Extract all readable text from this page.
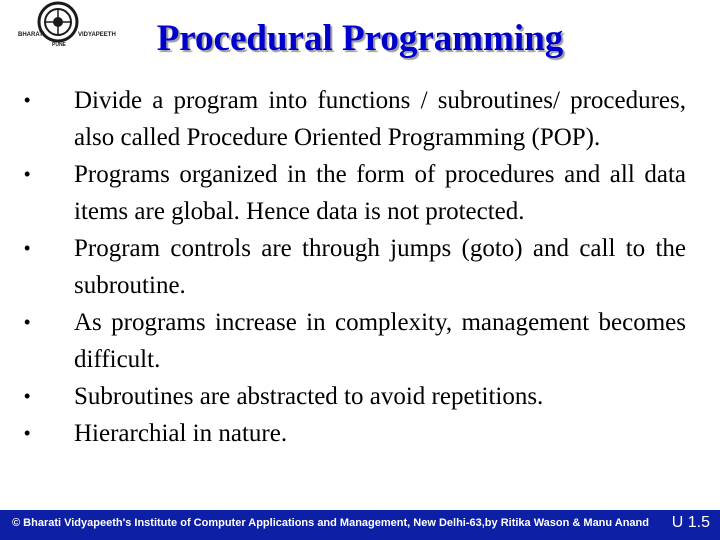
BHARATI	VIDYAPEETH
PUNE	Procedural Programming
•	Divide a program into functions / subroutines/ procedures, also called Procedure Oriented Programming (POP).
•	Programs organized in the form of procedures and all data items are global. Hence data is not protected.
•	Program controls are through jumps (goto) and call to the subroutine.
•	As programs increase in complexity, management becomes difficult.
•	Subroutines are abstracted to avoid repetitions.
•	Hierarchial in nature.
© Bharati Vidyapeeth's Institute of Computer Applications and Management, New Delhi-63,by Ritika Wason & Manu Anand U 1.5
